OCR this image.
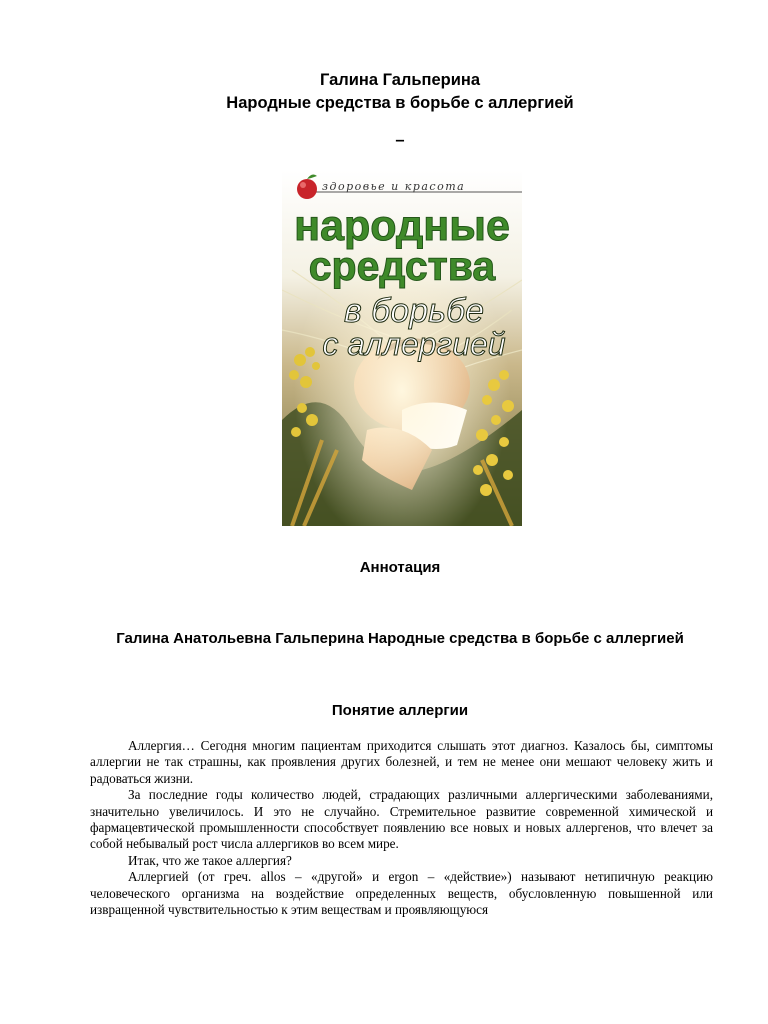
Галина Гальперина
Народные средства в борьбе с аллергией
–
здоровье и красота
народные
средства
в борьбе
с аллергией
Аннотация
Галина Анатольевна Гальперина Народные средства в борьбе с аллергией
Понятие аллергии

Аллергия… Сегодня многим пациентам приходится слышать этот диагноз. Казалось бы, симптомы аллергии не так страшны, как проявления других болезней, и тем не менее они мешают человеку жить и радоваться жизни.

За последние годы количество людей, страдающих различными аллергическими заболеваниями, значительно увеличилось. И это не случайно. Стремительное развитие современной химической и фармацевтической промышленности способствует появлению все новых и новых аллергенов, что влечет за собой небывалый рост числа аллергиков во всем мире.

Итак, что же такое аллергия?

Аллергией (от греч. allos – «другой» и ergon – «действие») называют нетипичную реакцию человеческого организма на воздействие определенных веществ, обусловленную повышенной или извращенной чувствительностью к этим веществам и проявляющуюся
